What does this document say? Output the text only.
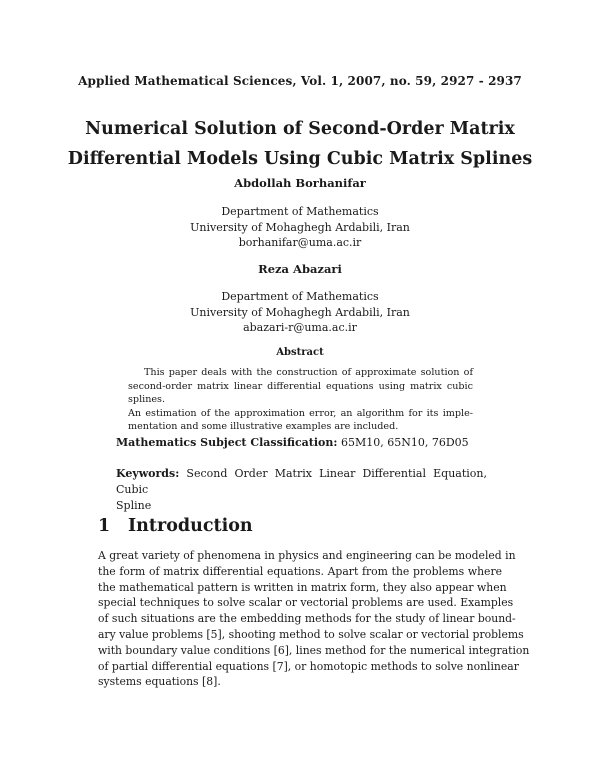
Applied Mathematical Sciences, Vol. 1, 2007, no. 59, 2927 - 2937
Numerical Solution of Second-Order Matrix
Differential Models Using Cubic Matrix Splines
Abdollah Borhanifar
Department of Mathematics
University of Mohaghegh Ardabili, Iran
borhanifar@uma.ac.ir
Reza Abazari
Department of Mathematics
University of Mohaghegh Ardabili, Iran
abazari-r@uma.ac.ir
Abstract
This paper deals with the construction of approximate solution of
second-order matrix linear differential equations using matrix cubic splines.
An estimation of the approximation error, an algorithm for its imple-
mentation and some illustrative examples are included.
Mathematics Subject Classification: 65M10, 65N10, 76D05
Keywords: Second Order Matrix Linear Differential Equation, Cubic
Spline
1 Introduction
A great variety of phenomena in physics and engineering can be modeled in
the form of matrix differential equations. Apart from the problems where
the mathematical pattern is written in matrix form, they also appear when
special techniques to solve scalar or vectorial problems are used. Examples
of such situations are the embedding methods for the study of linear bound-
ary value problems [5], shooting method to solve scalar or vectorial problems
with boundary value conditions [6], lines method for the numerical integration
of partial differential equations [7], or homotopic methods to solve nonlinear
systems equations [8].
